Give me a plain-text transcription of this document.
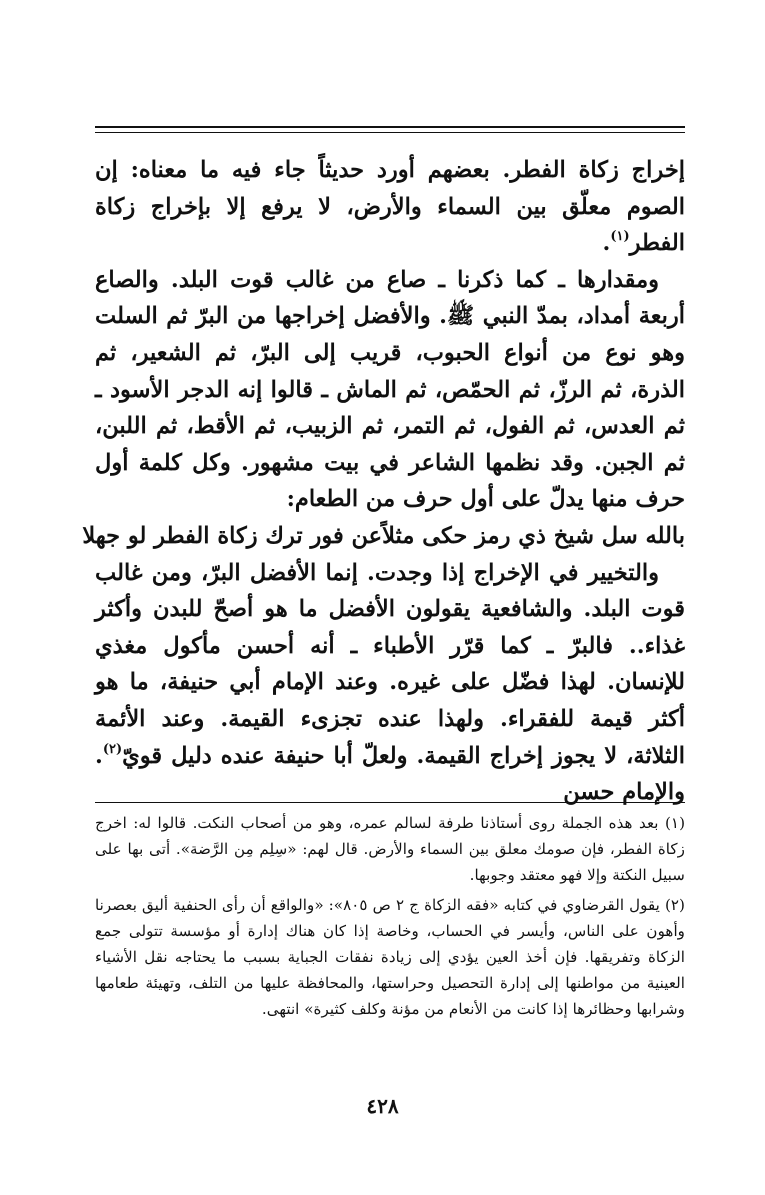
إخراج زكاة الفطر. بعضهم أورد حديثاً جاء فيه ما معناه: إن الصوم معلّق بين السماء والأرض، لا يرفع إلا بإخراج زكاة الفطر$^{(١)}$.

ومقدارها ـ كما ذكرنا ـ صاع من غالب قوت البلد. والصاع أربعة أمداد، بمدّ النبي ﷺ. والأفضل إخراجها من البرّ ثم السلت وهو نوع من أنواع الحبوب، قريب إلى البرّ، ثم الشعير، ثم الذرة، ثم الرزّ، ثم الحمّص، ثم الماش ـ قالوا إنه الدجر الأسود ـ ثم العدس، ثم الفول، ثم التمر، ثم الزبيب، ثم الأقط، ثم اللبن، ثم الجبن. وقد نظمها الشاعر في بيت مشهور. وكل كلمة أول حرف منها يدلّ على أول حرف من الطعام:

بالله سل شيخ ذي رمز حكى مثلاً
عن فور ترك زكاة الفطر لو جهلا

والتخيير في الإخراج إذا وجدت. إنما الأفضل البرّ، ومن غالب قوت البلد. والشافعية يقولون الأفضل ما هو أصحّ للبدن وأكثر غذاء.. فالبرّ ـ كما قرّر الأطباء ـ أنه أحسن مأكول مغذي للإنسان. لهذا فضّل على غيره. وعند الإمام أبي حنيفة، ما هو أكثر قيمة للفقراء. ولهذا عنده تجزىء القيمة. وعند الأئمة الثلاثة، لا يجوز إخراج القيمة. ولعلّ أبا حنيفة عنده دليل قويّ$^{(٢)}$. والإمام حسن

(١) بعد هذه الجملة روى أستاذنا طرفة لسالم عمره، وهو من أصحاب النكت. قالوا له: اخرج زكاة الفطر، فإن صومك معلق بين السماء والأرض. قال لهم: «سِلِم مِن الرَّضة». أتى بها على سبيل النكتة وإلا فهو معتقد وجوبها.

(٢) يقول القرضاوي في كتابه «فقه الزكاة ج ٢ ص ٨٠٥»: «والواقع أن رأى الحنفية أليق بعصرنا وأهون على الناس، وأيسر في الحساب، وخاصة إذا كان هناك إدارة أو مؤسسة تتولى جمع الزكاة وتفريقها. فإن أخذ العين يؤدي إلى زيادة نفقات الجباية بسبب ما يحتاجه نقل الأشياء العينية من مواطنها إلى إدارة التحصيل وحراستها، والمحافظة عليها من التلف، وتهيئة طعامها وشرابها وحظائرها إذا كانت من الأنعام من مؤنة وكلف كثيرة» انتهى.

٤٢٨
